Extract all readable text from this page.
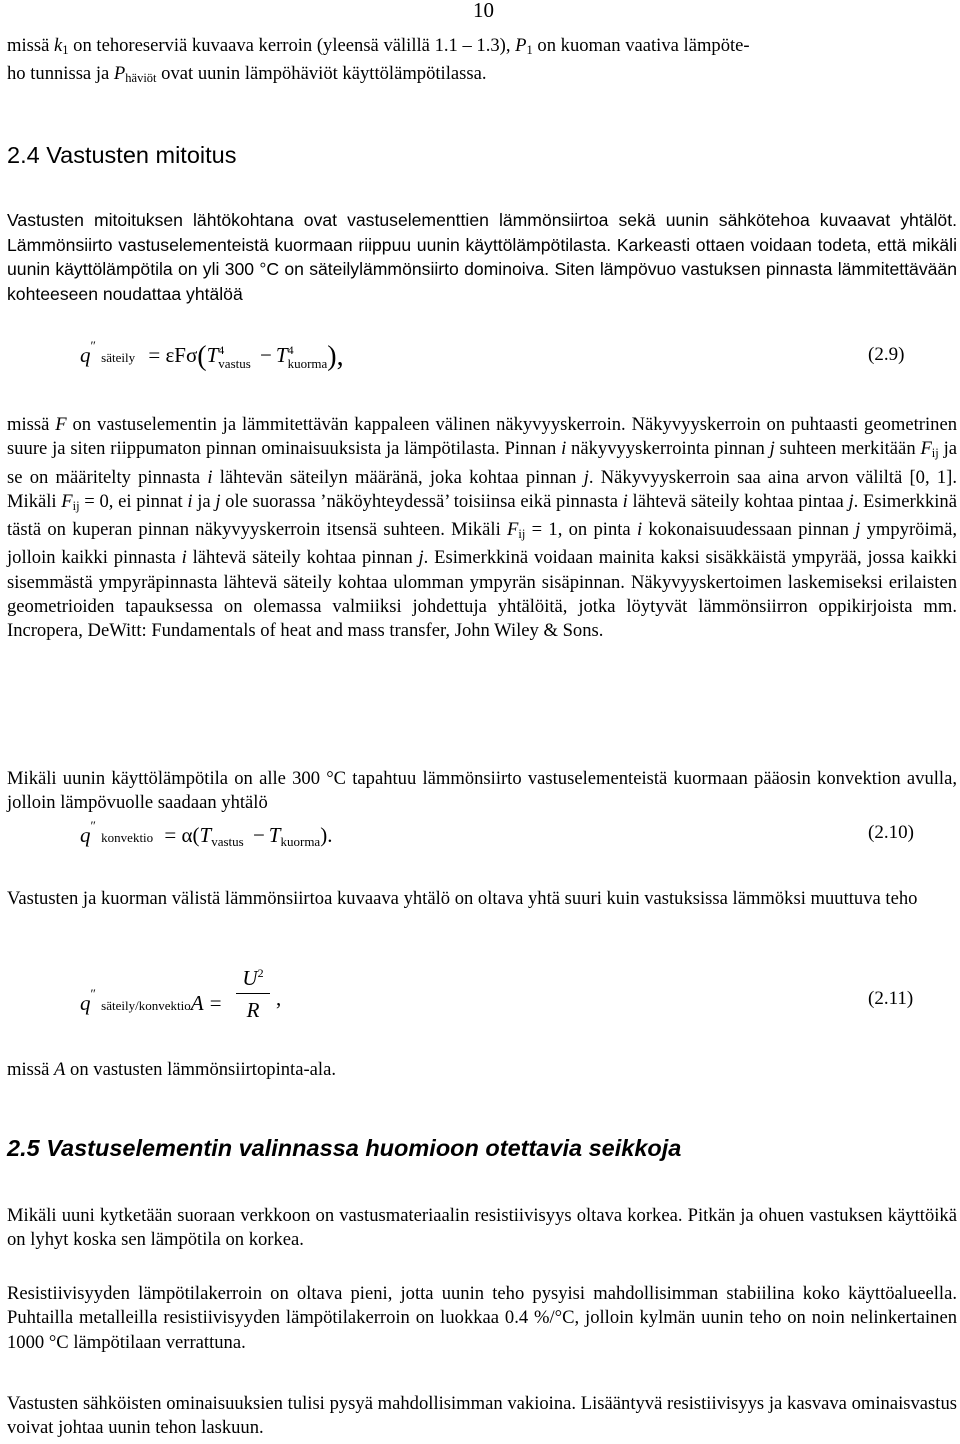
10
missä $k_1$ on tehoreserviä kuvaava kerroin (yleensä välillä 1.1 – 1.3), $P_1$ on kuoman vaativa lämpöte-
ho tunnissa ja $P_{häviöt}$ ovat uunin lämpöhäviöt käyttölämpötilassa.
2.4 Vastusten mitoitus
Vastusten mitoituksen lähtökohtana ovat vastuselementtien lämmönsiirtoa sekä uunin sähkötehoa kuvaavat yhtälöt. Lämmönsiirto vastuselementeistä kuormaan riippuu uunin käyttölämpötilasta. Karkeasti ottaen voidaan todeta, että mikäli uunin käyttölämpötila on yli 300 °C on säteilylämmönsiirto dominoiva. Siten lämpövuo vastuksen pinnasta lämmitettävään kohteeseen noudattaa yhtälöä
q″ säteily = εFσ(T 4
vastus − T 4
kuorma ),	(2.9)
missä F on vastuselementin ja lämmitettävän kappaleen välinen näkyvyyskerroin. Näkyvyyskerroin on puhtaasti geometrinen suure ja siten riippumaton pinnan ominaisuuksista ja lämpötilasta. Pinnan i näkyvyyskerrointa pinnan j suhteen merkitään $F_{ij}$ ja se on määritelty pinnasta i lähtevän säteilyn määränä, joka kohtaa pinnan j. Näkyvyyskerroin saa aina arvon väliltä [0, 1]. Mikäli $F_{ij} = 0$, ei pinnat i ja j ole suorassa ’näköyhteydessä’ toisiinsa eikä pinnasta i lähtevä säteily kohtaa pintaa j. Esimerkkinä tästä on kuperan pinnan näkyvyyskerroin itsensä suhteen. Mikäli $F_{ij} = 1$, on pinta i kokonaisuudessaan pinnan j ympyröimä, jolloin kaikki pinnasta i lähtevä säteily kohtaa pinnan j. Esimerkkinä voidaan mainita kaksi sisäkkäistä ympyrää, jossa kaikki sisemmästä ympyräpinnasta lähtevä säteily kohtaa ulomman ympyrän sisäpinnan. Näkyvyyskertoimen laskemiseksi erilaisten geometrioiden tapauksessa on olemassa valmiiksi johdettuja yhtälöitä, jotka löytyvät lämmönsiirron oppikirjoista mm. Incropera, DeWitt: Fundamentals of heat and mass transfer, John Wiley & Sons.
Mikäli uunin käyttölämpötila on alle 300 °C tapahtuu lämmönsiirto vastuselementeistä kuormaan pääosin konvektion avulla, jolloin lämpövuolle saadaan yhtälö
q″ konvektio = $\alpha(T_{vastus} - T_{kuorma})$.	(2.10)
Vastusten ja kuorman välistä lämmönsiirtoa kuvaava yhtälö on oltava yhtä suuri kuin vastuksissa lämmöksi muuttuva teho
q″ säteily/konvektioA =
$U^2$
R ,	(2.11)
missä A on vastusten lämmönsiirtopinta-ala.
2.5 Vastuselementin valinnassa huomioon otettavia seikkoja
Mikäli uuni kytketään suoraan verkkoon on vastusmateriaalin resistiivisyys oltava korkea. Pitkän ja ohuen vastuksen käyttöikä on lyhyt koska sen lämpötila on korkea.
Resistiivisyyden lämpötilakerroin on oltava pieni, jotta uunin teho pysyisi mahdollisimman stabiilina koko käyttöalueella. Puhtailla metalleilla resistiivisyyden lämpötilakerroin on luokkaa 0.4 %/°C, jolloin kylmän uunin teho on noin nelinkertainen 1000 °C lämpötilaan verrattuna.
Vastusten sähköisten ominaisuuksien tulisi pysyä mahdollisimman vakioina. Lisääntyvä resistiivisyys ja kasvava ominaisvastus voivat johtaa uunin tehon laskuun.
